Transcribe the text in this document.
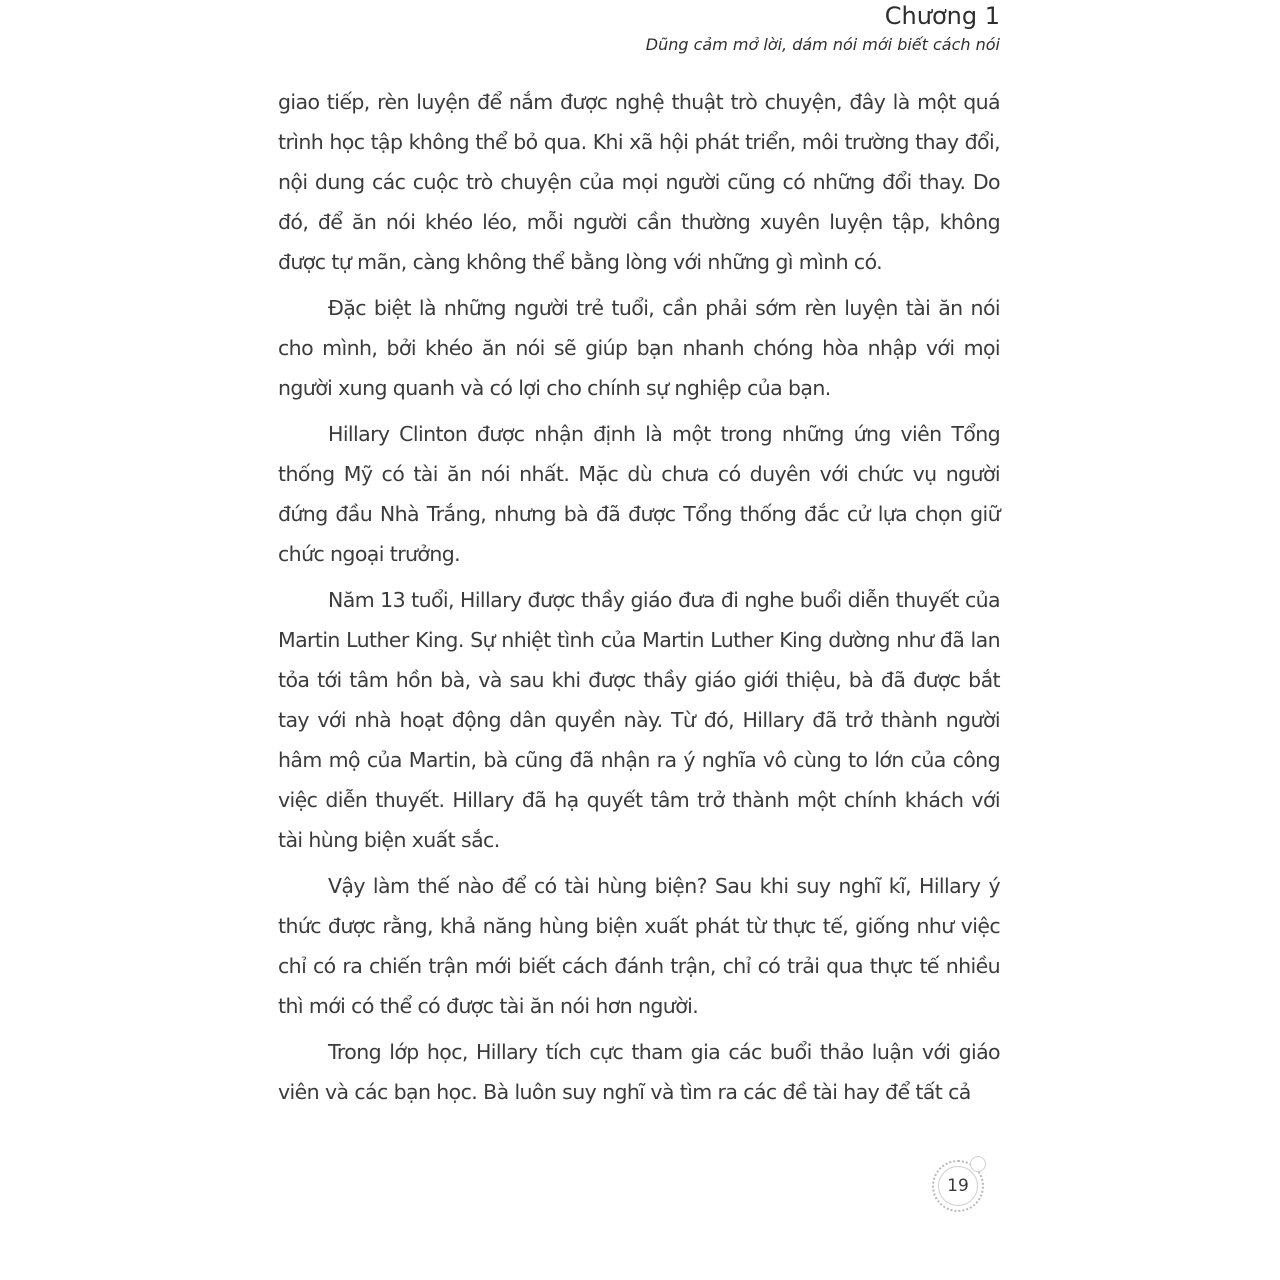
Chương 1
Dũng cảm mở lời, dám nói mới biết cách nói

giao tiếp, rèn luyện để nắm được nghệ thuật trò chuyện, đây là một quá trình học tập không thể bỏ qua. Khi xã hội phát triển, môi trường thay đổi, nội dung các cuộc trò chuyện của mọi người cũng có những đổi thay. Do đó, để ăn nói khéo léo, mỗi người cần thường xuyên luyện tập, không được tự mãn, càng không thể bằng lòng với những gì mình có.

Đặc biệt là những người trẻ tuổi, cần phải sớm rèn luyện tài ăn nói cho mình, bởi khéo ăn nói sẽ giúp bạn nhanh chóng hòa nhập với mọi người xung quanh và có lợi cho chính sự nghiệp của bạn.

Hillary Clinton được nhận định là một trong những ứng viên Tổng thống Mỹ có tài ăn nói nhất. Mặc dù chưa có duyên với chức vụ người đứng đầu Nhà Trắng, nhưng bà đã được Tổng thống đắc cử lựa chọn giữ chức ngoại trưởng.

Năm 13 tuổi, Hillary được thầy giáo đưa đi nghe buổi diễn thuyết của Martin Luther King. Sự nhiệt tình của Martin Luther King dường như đã lan tỏa tới tâm hồn bà, và sau khi được thầy giáo giới thiệu, bà đã được bắt tay với nhà hoạt động dân quyền này. Từ đó, Hillary đã trở thành người hâm mộ của Martin, bà cũng đã nhận ra ý nghĩa vô cùng to lớn của công việc diễn thuyết. Hillary đã hạ quyết tâm trở thành một chính khách với tài hùng biện xuất sắc.

Vậy làm thế nào để có tài hùng biện? Sau khi suy nghĩ kĩ, Hillary ý thức được rằng, khả năng hùng biện xuất phát từ thực tế, giống như việc chỉ có ra chiến trận mới biết cách đánh trận, chỉ có trải qua thực tế nhiều thì mới có thể có được tài ăn nói hơn người.

Trong lớp học, Hillary tích cực tham gia các buổi thảo luận với giáo viên và các bạn học. Bà luôn suy nghĩ và tìm ra các đề tài hay để tất cả

19
